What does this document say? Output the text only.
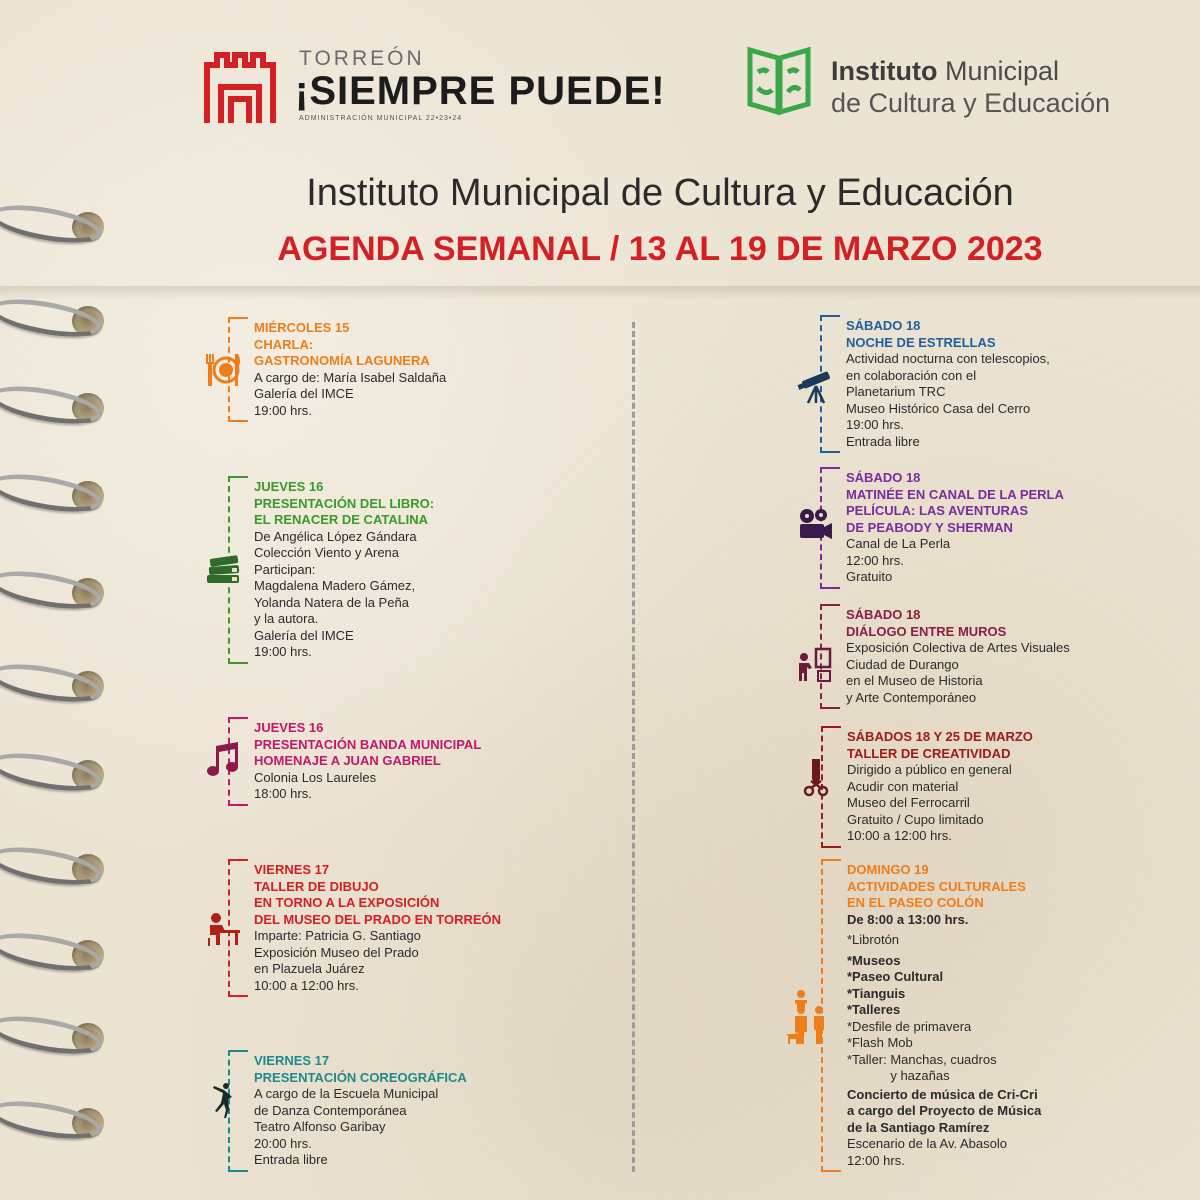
TORREÓN
¡SIEMPRE PUEDE!
ADMINISTRACIÓN MUNICIPAL 22•23•24
Instituto Municipal
de Cultura y Educación
Instituto Municipal de Cultura y Educación
AGENDA SEMANAL / 13 AL 19 DE MARZO 2023
MIÉRCOLES 15
CHARLA:
GASTRONOMÍA LAGUNERA
A cargo de: María Isabel Saldaña
Galería del IMCE
19:00 hrs.
JUEVES 16
PRESENTACIÓN DEL LIBRO:
EL RENACER DE CATALINA
De Angélica López Gándara
Colección Viento y Arena
Participan:
Magdalena Madero Gámez,
Yolanda Natera de la Peña
y la autora.
Galería del IMCE
19:00 hrs.
JUEVES 16
PRESENTACIÓN BANDA MUNICIPAL
HOMENAJE A JUAN GABRIEL
Colonia Los Laureles
18:00 hrs.
VIERNES 17
TALLER DE DIBUJO
EN TORNO A LA EXPOSICIÓN
DEL MUSEO DEL PRADO EN TORREÓN
Imparte: Patricia G. Santiago
Exposición Museo del Prado
en Plazuela Juárez
10:00 a 12:00 hrs.
VIERNES 17
PRESENTACIÓN COREOGRÁFICA
A cargo de la Escuela Municipal
de Danza Contemporánea
Teatro Alfonso Garibay
20:00 hrs.
Entrada libre
SÁBADO 18
NOCHE DE ESTRELLAS
Actividad nocturna con telescopios,
en colaboración con el
Planetarium TRC
Museo Histórico Casa del Cerro
19:00 hrs.
Entrada libre
SÁBADO 18
MATINÉE EN CANAL DE LA PERLA
PELÍCULA: LAS AVENTURAS
DE PEABODY Y SHERMAN
Canal de La Perla
12:00 hrs.
Gratuito
SÁBADO 18
DIÁLOGO ENTRE MUROS
Exposición Colectiva de Artes Visuales
Ciudad de Durango
en el Museo de Historia
y Arte Contemporáneo
SÁBADOS 18 Y 25 DE MARZO
TALLER DE CREATIVIDAD
Dirigido a público en general
Acudir con material
Museo del Ferrocarril
Gratuito / Cupo limitado
10:00 a 12:00 hrs.
DOMINGO 19
ACTIVIDADES CULTURALES
EN EL PASEO COLÓN
De 8:00 a 13:00 hrs.
*Librotón
*Museos
*Paseo Cultural
*Tianguis
*Talleres
*Desfile de primavera
*Flash Mob
*Taller: Manchas, cuadros
y hazañas
Concierto de música de Cri-Cri
a cargo del Proyecto de Música
de la Santiago Ramírez
Escenario de la Av. Abasolo
12:00 hrs.
